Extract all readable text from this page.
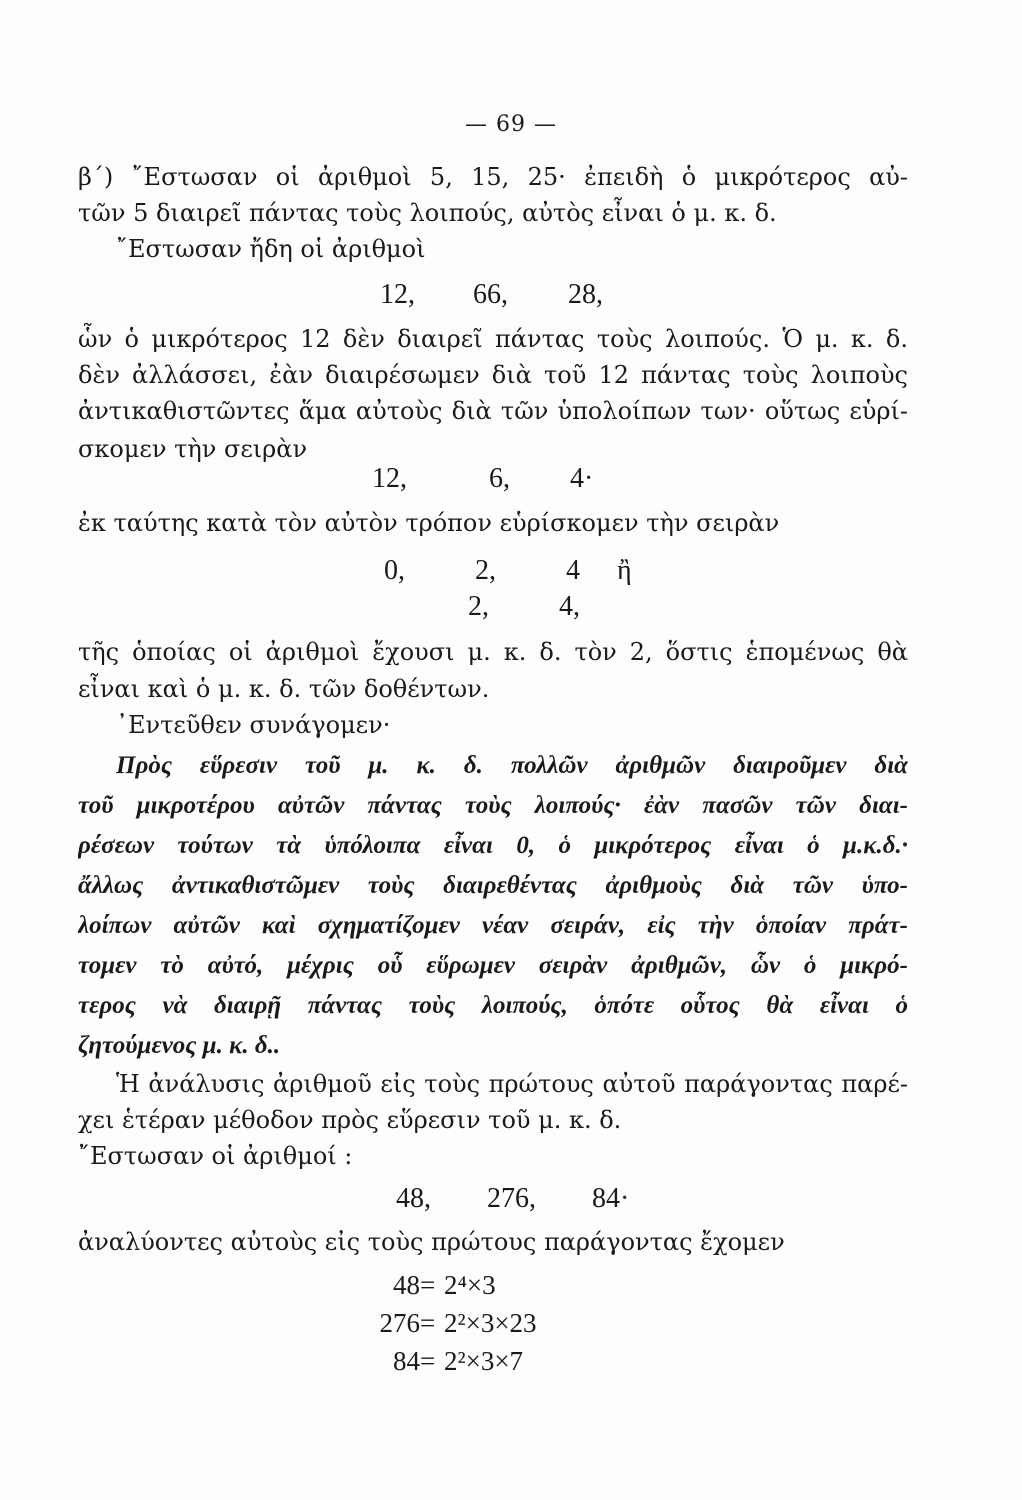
— 69 —
β΄) ῎Εστωσαν οἱ ἀριθμοὶ 5, 15, 25· ἐπειδὴ ὁ μικρότερος αὐ-
τῶν 5 διαιρεῖ πάντας τοὺς λοιπούς, αὐτὸς εἶναι ὁ μ. κ. δ.
῎Εστωσαν ἤδη οἱ ἀριθμοὶ
12, 66, 28,
ὧν ὁ μικρότερος 12 δὲν διαιρεῖ πάντας τοὺς λοιπούς. Ὁ μ. κ. δ.
δὲν ἀλλάσσει, ἐὰν διαιρέσωμεν διὰ τοῦ 12 πάντας τοὺς λοιποὺς
ἀντικαθιστῶντες ἅμα αὐτοὺς διὰ τῶν ὑπολοίπων των· οὕτως εὑρί-
σκομεν τὴν σειρὰν
12,	6, 4·
ἐκ ταύτης κατὰ τὸν αὐτὸν τρόπον εὑρίσκομεν τὴν σειρὰν
0,	2,	4 ἢ
2,	4,
τῆς ὁποίας οἱ ἀριθμοὶ ἔχουσι μ. κ. δ. τὸν 2, ὅστις ἑπομένως θὰ
εἶναι καὶ ὁ μ. κ. δ. τῶν δοθέντων.
᾿Εντεῦθεν συνάγομεν·
Πρὸς εὕρεσιν τοῦ μ. κ. δ. πολλῶν ἀριθμῶν διαιροῦμεν διὰ
τοῦ μικροτέρου αὐτῶν πάντας τοὺς λοιπούς· ἐὰν πασῶν τῶν διαι-
ρέσεων τούτων τὰ ὑπόλοιπα εἶναι 0, ὁ μικρότερος εἶναι ὁ μ.κ.δ.·
ἄλλως ἀντικαθιστῶμεν τοὺς διαιρεθέντας ἀριθμοὺς διὰ τῶν ὑπο-
λοίπων αὐτῶν καὶ σχηματίζομεν νέαν σειράν, εἰς τὴν ὁποίαν πράτ-
τομεν τὸ αὐτό, μέχρις οὗ εὕρωμεν σειρὰν ἀριθμῶν, ὧν ὁ μικρό-
τερος νὰ διαιρῇ πάντας τοὺς λοιπούς, ὁπότε οὗτος θὰ εἶναι ὁ
ζητούμενος μ. κ. δ..
Ἡ ἀνάλυσις ἀριθμοῦ εἰς τοὺς πρώτους αὐτοῦ παράγοντας παρέ-
χει ἑτέραν μέθοδον πρὸς εὕρεσιν τοῦ μ. κ. δ.
῎Εστωσαν οἱ ἀριθμοί :
48, 276, 84·
ἀναλύοντες αὐτοὺς εἰς τοὺς πρώτους παράγοντας ἔχομεν
48 = 2⁴×3
276 = 2²×3×23
84 = 2²×3×7
